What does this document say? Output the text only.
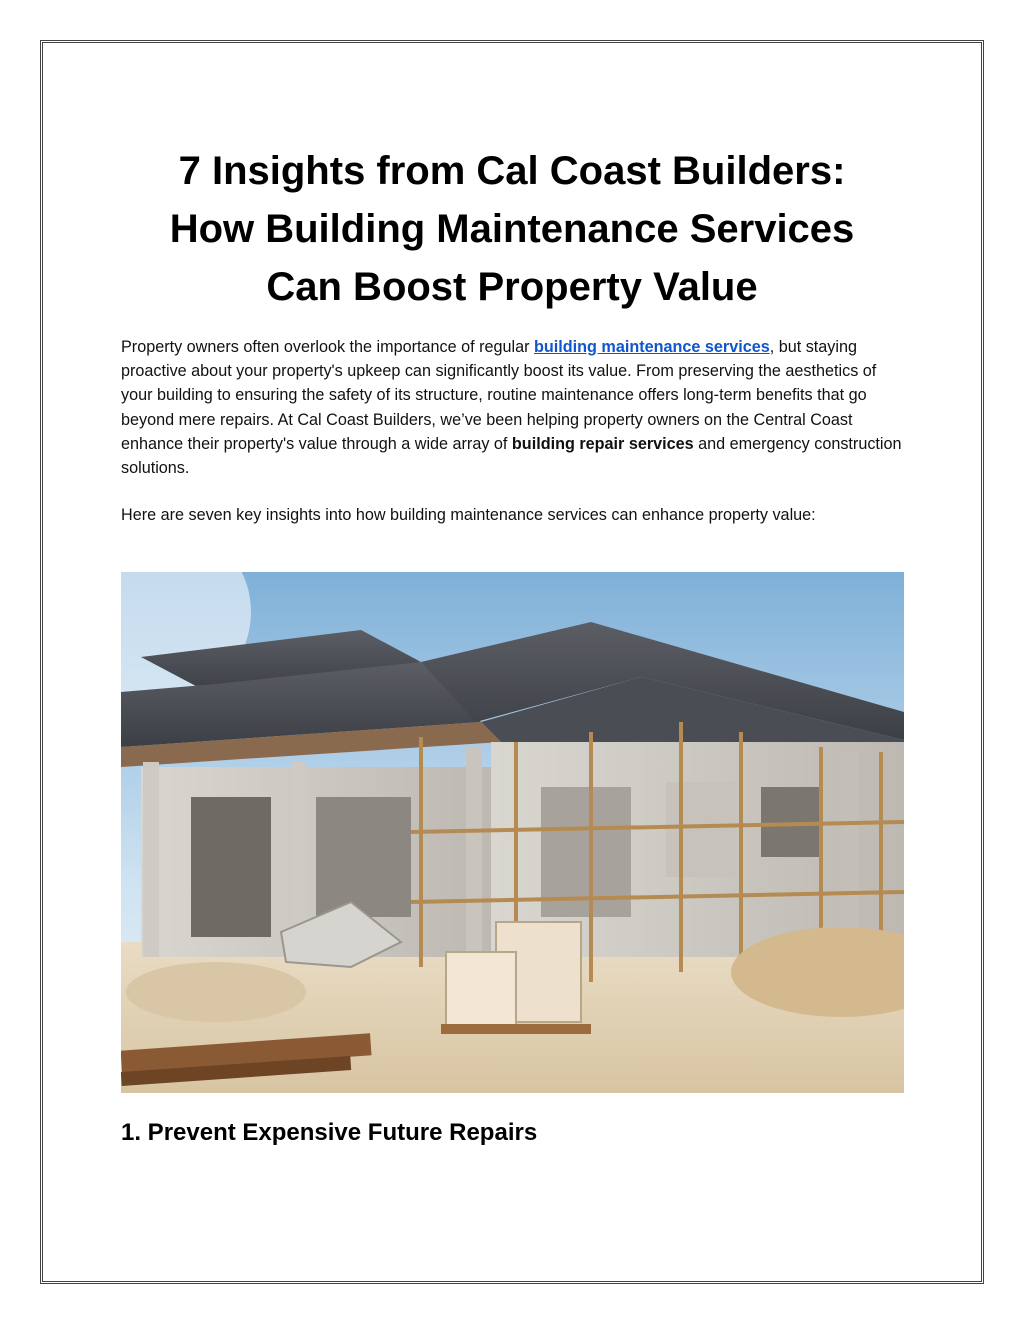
7 Insights from Cal Coast Builders:
How Building Maintenance Services
Can Boost Property Value

Property owners often overlook the importance of regular building maintenance services, but staying proactive about your property's upkeep can significantly boost its value. From preserving the aesthetics of your building to ensuring the safety of its structure, routine maintenance offers long-term benefits that go beyond mere repairs. At Cal Coast Builders, we’ve been helping property owners on the Central Coast enhance their property's value through a wide array of building repair services and emergency construction solutions.

Here are seven key insights into how building maintenance services can enhance property value:

1. Prevent Expensive Future Repairs
